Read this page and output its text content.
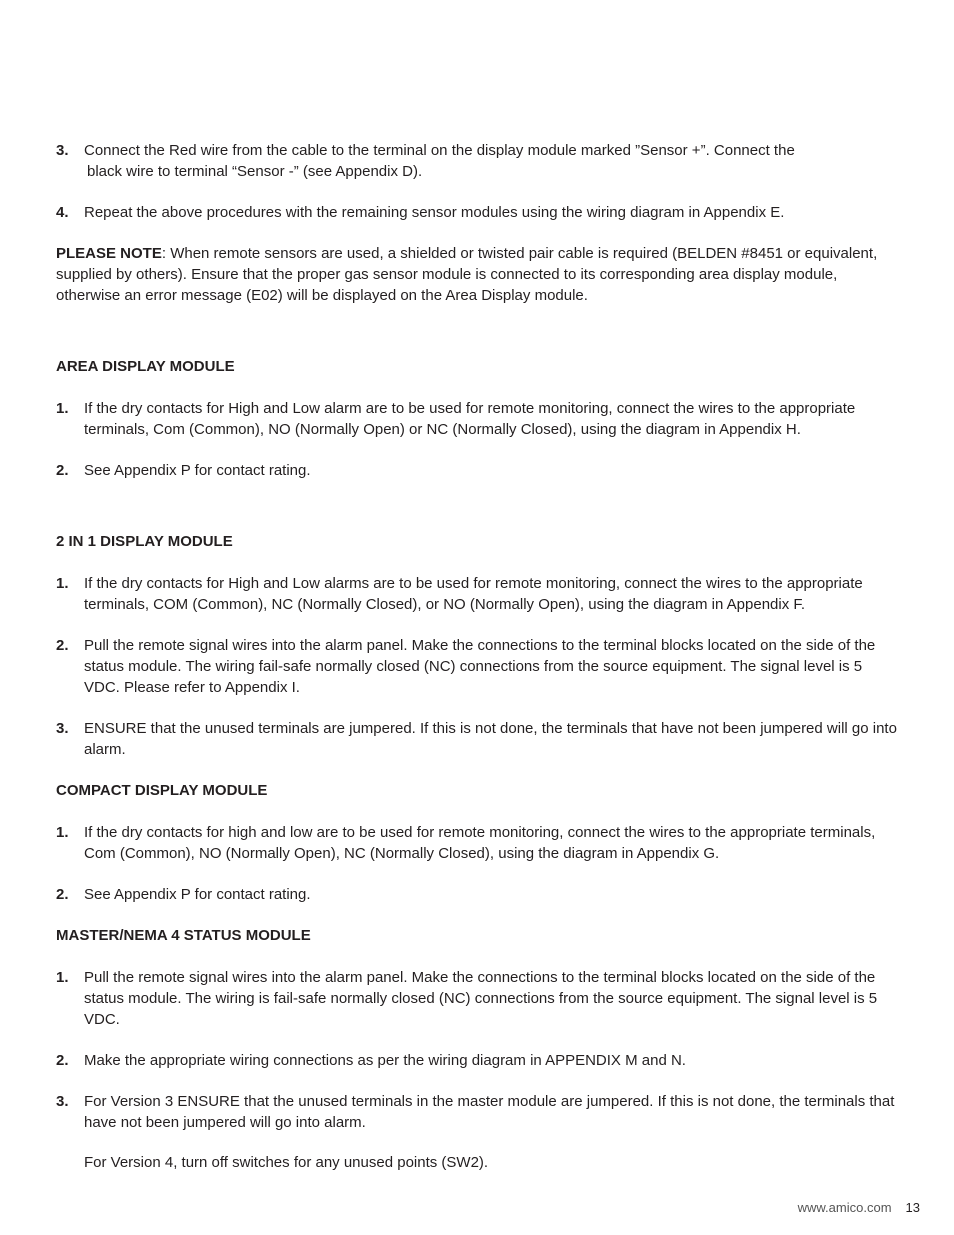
3. Connect the Red wire from the cable to the terminal on the display module marked ”Sensor +”. Connect the
black wire to terminal “Sensor -” (see Appendix D).
4. Repeat the above procedures with the remaining sensor modules using the wiring diagram in Appendix E.

PLEASE NOTE: When remote sensors are used, a shielded or twisted pair cable is required (BELDEN #8451 or equivalent, supplied by others). Ensure that the proper gas sensor module is connected to its corresponding area display module, otherwise an error message (E02) will be displayed on the Area Display module.

AREA DISPLAY MODULE
1. If the dry contacts for High and Low alarm are to be used for remote monitoring, connect the wires to the appropriate terminals, Com (Common), NO (Normally Open) or NC (Normally Closed), using the diagram in Appendix H.
2. See Appendix P for contact rating.
2 IN 1 DISPLAY MODULE
1. If the dry contacts for High and Low alarms are to be used for remote monitoring, connect the wires to the appropriate terminals, COM (Common), NC (Normally Closed), or NO (Normally Open), using the diagram in Appendix F.
2. Pull the remote signal wires into the alarm panel. Make the connections to the terminal blocks located on the side of the status module. The wiring fail-safe normally closed (NC) connections from the source equipment. The signal level is 5 VDC. Please refer to Appendix I.
3. ENSURE that the unused terminals are jumpered. If this is not done, the terminals that have not been jumpered will go into alarm.
COMPACT DISPLAY MODULE
1. If the dry contacts for high and low are to be used for remote monitoring, connect the wires to the appropriate terminals, Com (Common), NO (Normally Open), NC (Normally Closed), using the diagram in Appendix G.
2. See Appendix P for contact rating.
MASTER/NEMA 4 STATUS MODULE
1. Pull the remote signal wires into the alarm panel. Make the connections to the terminal blocks located on the side of the status module. The wiring is fail-safe normally closed (NC) connections from the source equipment. The signal level is 5 VDC.
2. Make the appropriate wiring connections as per the wiring diagram in APPENDIX M and N.
3. For Version 3 ENSURE that the unused terminals in the master module are jumpered. If this is not done, the terminals that have not been jumpered will go into alarm.
For Version 4, turn off switches for any unused points (SW2).
www.amico.com 13
